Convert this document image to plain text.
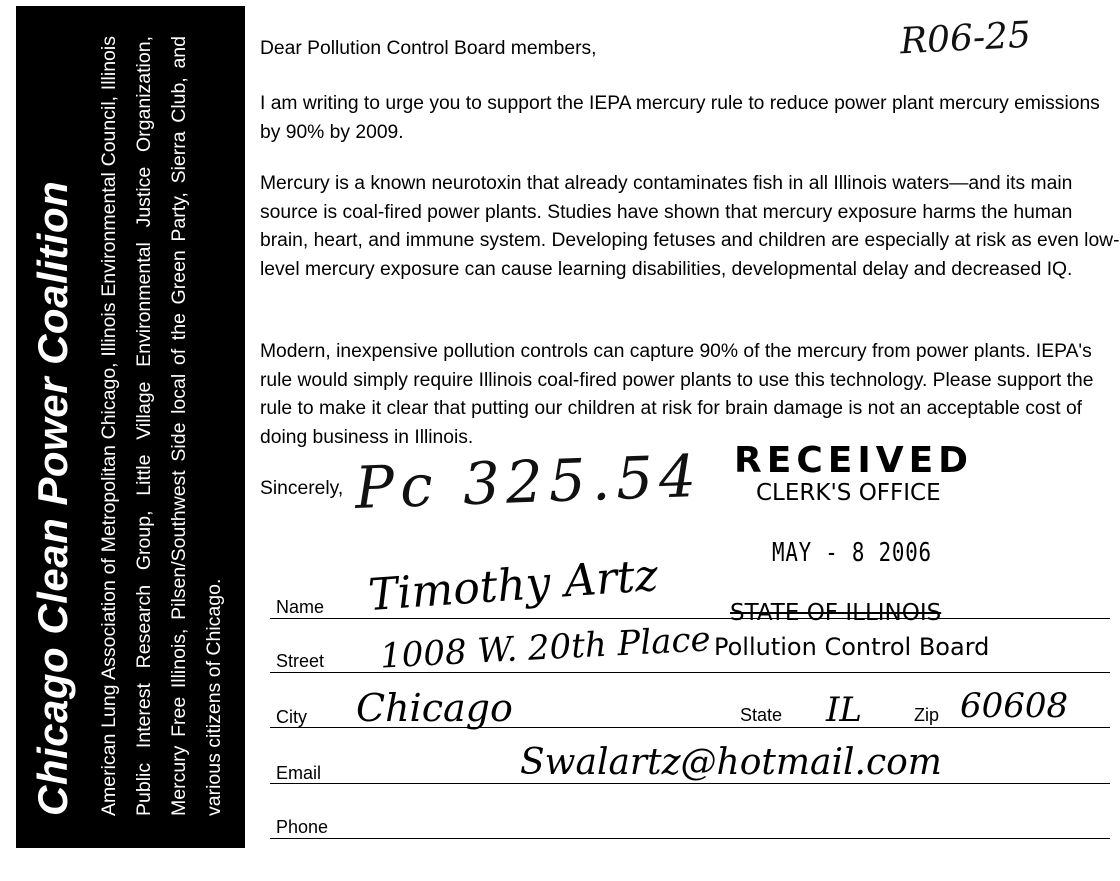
Chicago Clean Power Coalition	American Lung Association of Metropolitan Chicago, Illinois Environmental Council, Illinois Public Interest Research Group, Little Village Environmental Justice Organization, Mercury Free Illinois, Pilsen/Southwest Side local of the Green Party, Sierra Club, and various citizens of Chicago.
Dear Pollution Control Board members,	R06-25
I am writing to urge you to support the IEPA mercury rule to reduce power plant mercury emissions by 90% by 2009.
Mercury is a known neurotoxin that already contaminates fish in all Illinois waters—and its main source is coal-fired power plants. Studies have shown that mercury exposure harms the human brain, heart, and immune system. Developing fetuses and children are especially at risk as even low-level mercury exposure can cause learning disabilities, developmental delay and decreased IQ.
Modern, inexpensive pollution controls can capture 90% of the mercury from power plants. IEPA's rule would simply require Illinois coal-fired power plants to use this technology. Please support the rule to make it clear that putting our children at risk for brain damage is not an acceptable cost of doing business in Illinois.
Sincerely, Pc 325.54 RECEIVED
CLERK'S OFFICE
MAY - 8 2006
STATE OF ILLINOIS
Pollution Control Board
Name Timothy Artz
Street 1008 W. 20th Place
City Chicago	State IL	Zip 60608
Email	Swalartz@hotmail.com
Phone
